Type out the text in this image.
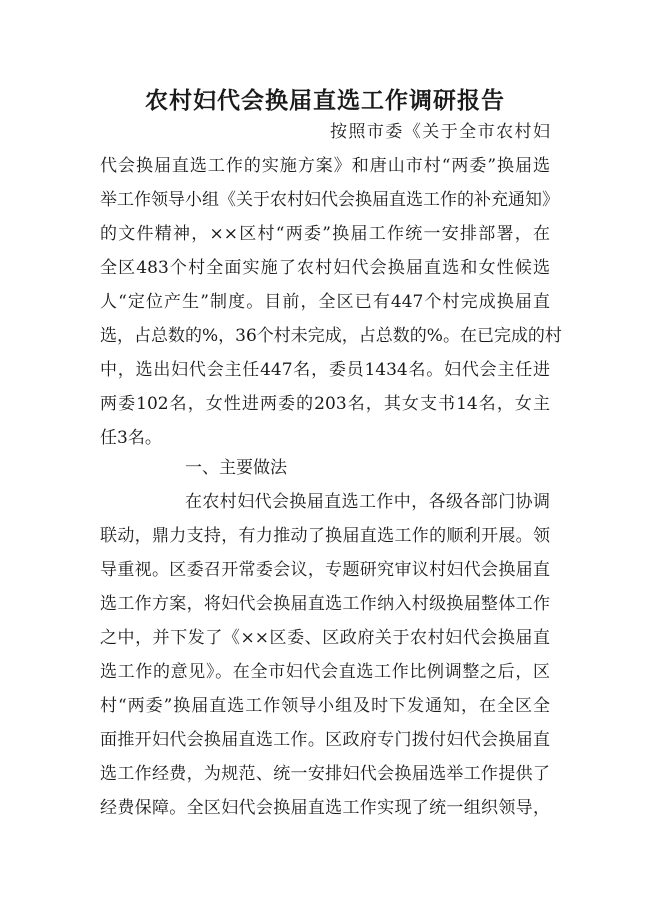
农村妇代会换届直选工作调研报告

按照市委《关于全市农村妇

代会换届直选工作的实施方案》和唐山市村“两委”换届选

举工作领导小组《关于农村妇代会换届直选工作的补充通知》

的文件精神，××区村“两委”换届工作统一安排部署，在

全区483个村全面实施了农村妇代会换届直选和女性候选

人“定位产生”制度。目前，全区已有447个村完成换届直

选，占总数的%，36个村未完成，占总数的%。在已完成的村

中，选出妇代会主任447名，委员1434名。妇代会主任进

两委102名，女性进两委的203名，其女支书14名，女主

任3名。

一、主要做法

在农村妇代会换届直选工作中，各级各部门协调

联动，鼎力支持，有力推动了换届直选工作的顺利开展。领

导重视。区委召开常委会议，专题研究审议村妇代会换届直

选工作方案，将妇代会换届直选工作纳入村级换届整体工作

之中，并下发了《××区委、区政府关于农村妇代会换届直

选工作的意见》。在全市妇代会直选工作比例调整之后，区

村“两委”换届直选工作领导小组及时下发通知，在全区全

面推开妇代会换届直选工作。区政府专门拨付妇代会换届直

选工作经费，为规范、统一安排妇代会换届选举工作提供了

经费保障。全区妇代会换届直选工作实现了统一组织领导，
